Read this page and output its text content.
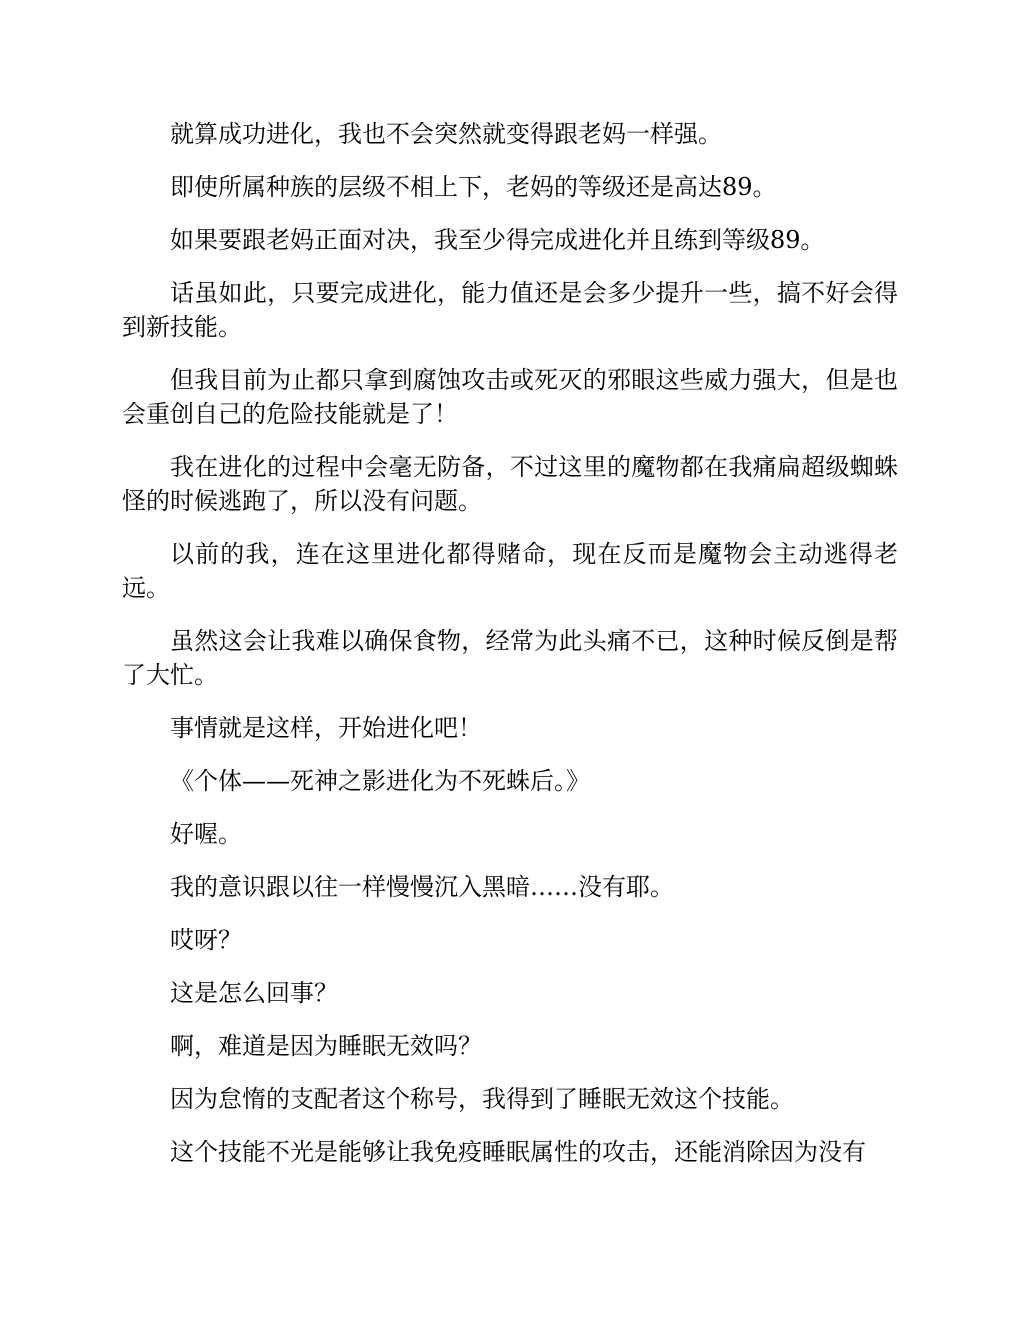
就算成功进化，我也不会突然就变得跟老妈一样强。

即使所属种族的层级不相上下，老妈的等级还是高达89。

如果要跟老妈正面对决，我至少得完成进化并且练到等级89。

话虽如此，只要完成进化，能力值还是会多少提升一些，搞不好会得到新技能。

但我目前为止都只拿到腐蚀攻击或死灭的邪眼这些威力强大，但是也会重创自己的危险技能就是了！

我在进化的过程中会毫无防备，不过这里的魔物都在我痛扁超级蜘蛛怪的时候逃跑了，所以没有问题。

以前的我，连在这里进化都得赌命，现在反而是魔物会主动逃得老远。

虽然这会让我难以确保食物，经常为此头痛不已，这种时候反倒是帮了大忙。

事情就是这样，开始进化吧！

《个体——死神之影进化为不死蛛后。》

好喔。

我的意识跟以往一样慢慢沉入黑暗……没有耶。

哎呀？

这是怎么回事？

啊，难道是因为睡眠无效吗？

因为怠惰的支配者这个称号，我得到了睡眠无效这个技能。

这个技能不光是能够让我免疫睡眠属性的攻击，还能消除因为没有
